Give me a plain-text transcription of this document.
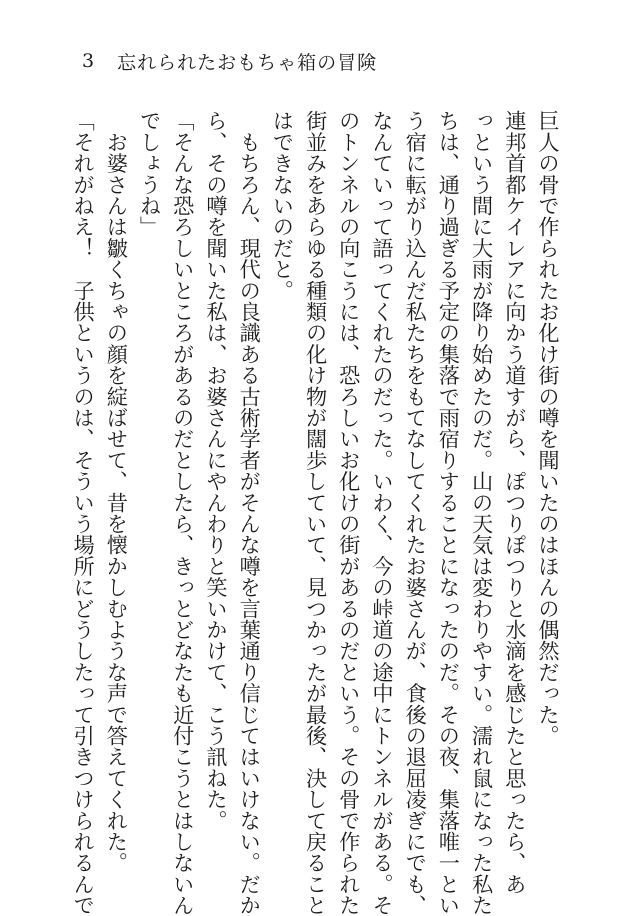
3 忘れられたおもちゃ箱の冒険

巨人の骨で作られたお化け街の噂を聞いたのはほんの偶然だった。

連邦首都ケイレアに向かう道すがら、ぽつりぽつりと水滴を感じたと思ったら、あ

っという間に大雨が降り始めたのだ。山の天気は変わりやすい。濡れ鼠になった私た

ちは、通り過ぎる予定の集落で雨宿りすることになったのだ。その夜、集落唯一とい

う宿に転がり込んだ私たちをもてなしてくれたお婆さんが、食後の退屈凌ぎにでも、

なんていって語ってくれたのだった。いわく、今の峠道の途中にトンネルがある。そ

のトンネルの向こうには、恐ろしいお化けの街があるのだという。その骨で作られた

街並みをあらゆる種類の化け物が闊歩していて、見つかったが最後、決して戻ること

はできないのだと。

　もちろん、現代の良識ある古術学者がそんな噂を言葉通り信じてはいけない。だか

ら、その噂を聞いた私は、お婆さんにやんわりと笑いかけて、こう訊ねた。

「そんな恐ろしいところがあるのだとしたら、きっとどなたも近付こうとはしないん

でしょうね」

　お婆さんは皺くちゃの顔を綻ばせて、昔を懐かしむような声で答えてくれた。

「それがねえ！　子供というのは、そういう場所にどうしたって引きつけられるんで
